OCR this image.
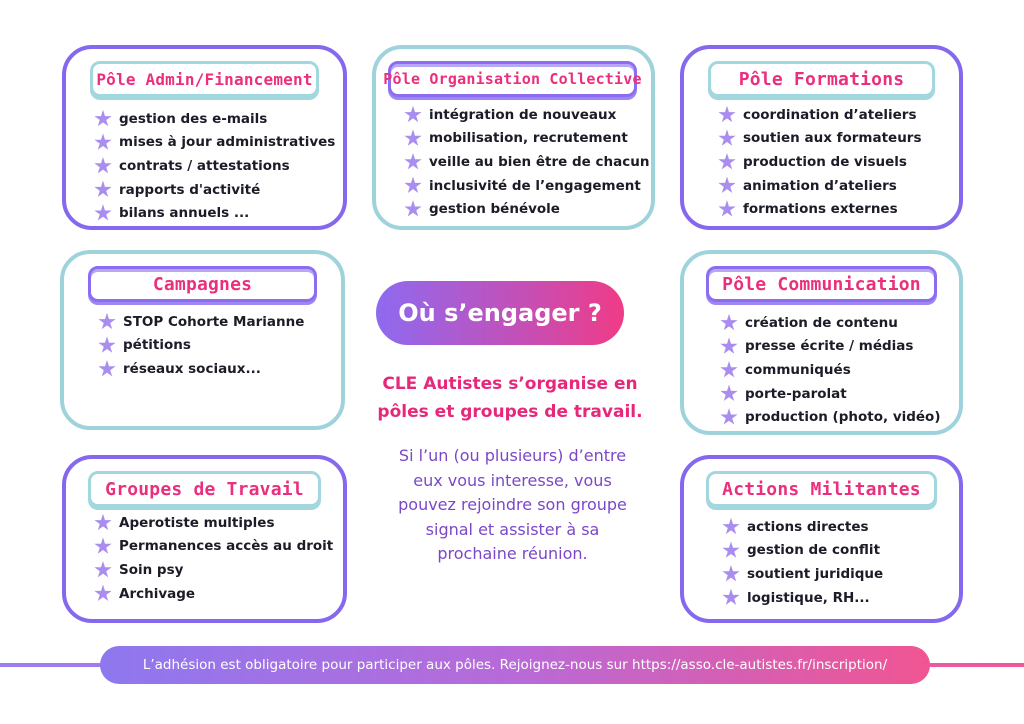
Pôle Admin/Financement
gestion des e-mails
mises à jour administratives
contrats / attestations
rapports d'activité
bilans annuels ...
Pôle Organisation Collective
intégration de nouveaux
mobilisation, recrutement
veille au bien être de chacun
inclusivité de l’engagement
gestion bénévole
Pôle Formations
coordination d’ateliers
soutien aux formateurs
production de visuels
animation d’ateliers
formations externes
Campagnes
STOP Cohorte Marianne
pétitions
réseaux sociaux...
Pôle Communication
création de contenu
presse écrite / médias
communiqués
porte-parolat
production (photo, vidéo)
Groupes de Travail
Aperotiste multiples
Permanences accès au droit
Soin psy
Archivage
Actions Militantes
actions directes
gestion de conflit
soutient juridique
logistique, RH...
Où s’engager ?
CLE Autistes s’organise en
pôles et groupes de travail.
Si l’un (ou plusieurs) d’entre
eux vous interesse, vous
pouvez rejoindre son groupe
signal et assister à sa
prochaine réunion.
L’adhésion est obligatoire pour participer aux pôles. Rejoignez-nous sur https://asso.cle-autistes.fr/inscription/
